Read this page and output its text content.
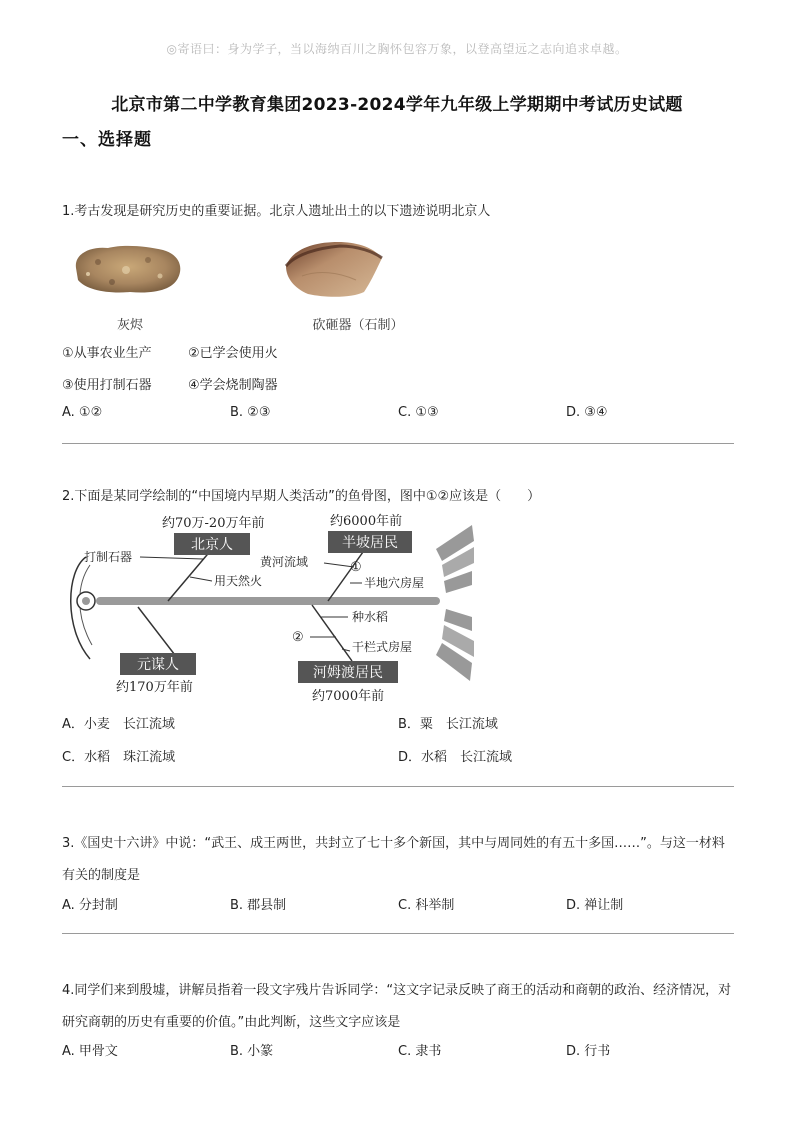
◎寄语曰：身为学子，当以海纳百川之胸怀包容万象，以登高望远之志向追求卓越。
北京市第二中学教育集团2023-2024学年九年级上学期期中考试历史试题
一、选择题
1.考古发现是研究历史的重要证据。北京人遗址出土的以下遗迹说明北京人
灰烬	砍砸器（石制）
①从事农业生产	②已学会使用火
③使用打制石器	④学会烧制陶器
A. ①②	B. ②③	C. ①③	D. ③④
2.下面是某同学绘制的“中国境内早期人类活动”的鱼骨图，图中①②应该是（　　）
约70万-20万年前
北京人
打制石器
用天然火
约6000年前
半坡居民
黄河流域	①
半地穴房屋
元谋人
约170万年前
种水稻
②
干栏式房屋
河姆渡居民
约7000年前
A．小麦　长江流域	B．粟　长江流域
C．水稻　珠江流域	D．水稻　长江流域
3.《国史十六讲》中说：“武王、成王两世，共封立了七十多个新国，其中与周同姓的有五十多国……”。与这一材料有关的制度是
A. 分封制	B. 郡县制	C. 科举制	D. 禅让制
4.同学们来到殷墟，讲解员指着一段文字残片告诉同学：“这文字记录反映了商王的活动和商朝的政治、经济情况，对研究商朝的历史有重要的价值。”由此判断，这些文字应该是
A. 甲骨文	B. 小篆	C. 隶书	D. 行书
